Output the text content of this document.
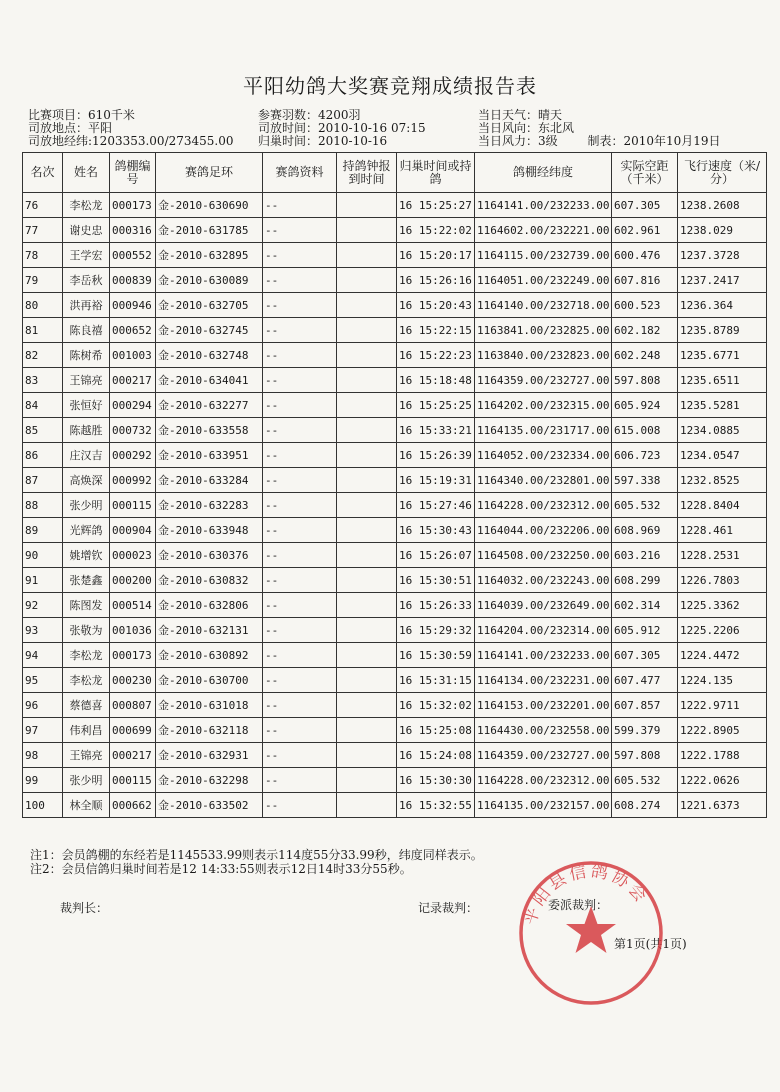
平阳幼鸽大奖赛竞翔成绩报告表
比赛项目：610千米
司放地点：平阳
司放地经纬:1203353.00/273455.00
参赛羽数：4200羽
司放时间：2010-10-16 07:15
归巢时间：2010-10-16
当日天气：晴天
当日风向：东北风
当日风力：3级 制表：2010年10月19日
名次	姓名	鸽棚编号	赛鸽足环	赛鸽资料	持鸽钟报到时间	归巢时间或持鸽	鸽棚经纬度	实际空距（千米）	飞行速度（米/分）
76	李松龙	000173	金-2010-630690	--		16 15:25:27	1164141.00/232233.00	607.305	1238.2608
77	谢史忠	000316	金-2010-631785	--		16 15:22:02	1164602.00/232221.00	602.961	1238.029
78	王学宏	000552	金-2010-632895	--		16 15:20:17	1164115.00/232739.00	600.476	1237.3728
79	李岳秋	000839	金-2010-630089	--		16 15:26:16	1164051.00/232249.00	607.816	1237.2417
80	洪再裕	000946	金-2010-632705	--		16 15:20:43	1164140.00/232718.00	600.523	1236.364
81	陈良禧	000652	金-2010-632745	--		16 15:22:15	1163841.00/232825.00	602.182	1235.8789
82	陈树希	001003	金-2010-632748	--		16 15:22:23	1163840.00/232823.00	602.248	1235.6771
83	王锦亮	000217	金-2010-634041	--		16 15:18:48	1164359.00/232727.00	597.808	1235.6511
84	张恒好	000294	金-2010-632277	--		16 15:25:25	1164202.00/232315.00	605.924	1235.5281
85	陈越胜	000732	金-2010-633558	--		16 15:33:21	1164135.00/231717.00	615.008	1234.0885
86	庄汉吉	000292	金-2010-633951	--		16 15:26:39	1164052.00/232334.00	606.723	1234.0547
87	高焕深	000992	金-2010-633284	--		16 15:19:31	1164340.00/232801.00	597.338	1232.8525
88	张少明	000115	金-2010-632283	--		16 15:27:46	1164228.00/232312.00	605.532	1228.8404
89	光辉鸽	000904	金-2010-633948	--		16 15:30:43	1164044.00/232206.00	608.969	1228.461
90	姚增钦	000023	金-2010-630376	--		16 15:26:07	1164508.00/232250.00	603.216	1228.2531
91	张楚鑫	000200	金-2010-630832	--		16 15:30:51	1164032.00/232243.00	608.299	1226.7803
92	陈图发	000514	金-2010-632806	--		16 15:26:33	1164039.00/232649.00	602.314	1225.3362
93	张敬为	001036	金-2010-632131	--		16 15:29:32	1164204.00/232314.00	605.912	1225.2206
94	李松龙	000173	金-2010-630892	--		16 15:30:59	1164141.00/232233.00	607.305	1224.4472
95	李松龙	000230	金-2010-630700	--		16 15:31:15	1164134.00/232231.00	607.477	1224.135
96	蔡德喜	000807	金-2010-631018	--		16 15:32:02	1164153.00/232201.00	607.857	1222.9711
97	伟利昌	000699	金-2010-632118	--		16 15:25:08	1164430.00/232558.00	599.379	1222.8905
98	王锦亮	000217	金-2010-632931	--		16 15:24:08	1164359.00/232727.00	597.808	1222.1788
99	张少明	000115	金-2010-632298	--		16 15:30:30	1164228.00/232312.00	605.532	1222.0626
100	林全顺	000662	金-2010-633502	--		16 15:32:55	1164135.00/232157.00	608.274	1221.6373
注1：会员鸽棚的东经若是1145533.99则表示114度55分33.99秒，纬度同样表示。
注2：会员信鸽归巢时间若是12 14:33:55则表示12日14时33分55秒。
裁判长：	记录裁判：	委派裁判：
第1页(共1页)
平阳县信鸽协会
